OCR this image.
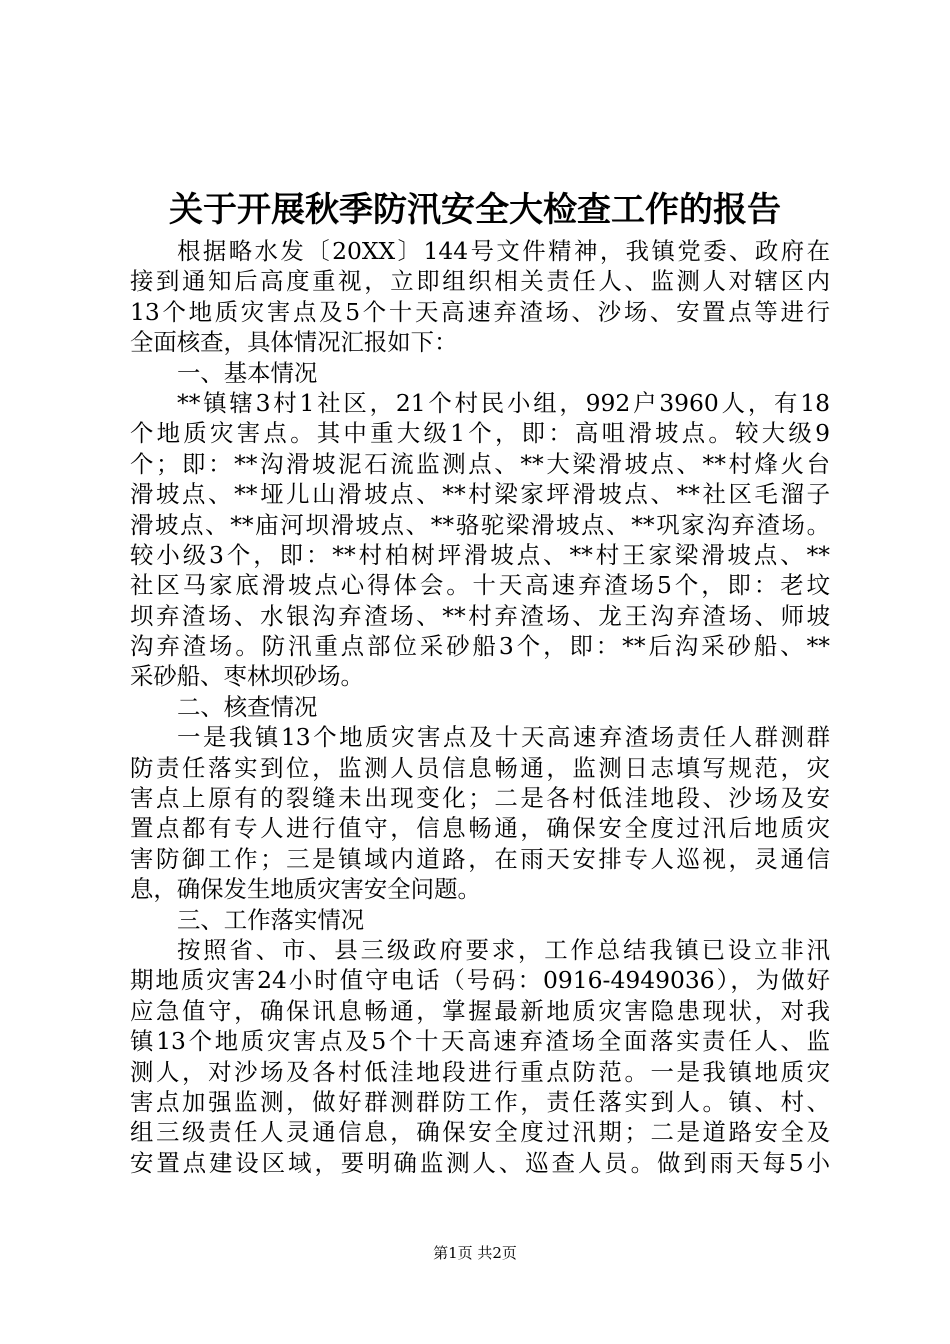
关于开展秋季防汛安全大检查工作的报告
根据略水发〔20XX〕144号文件精神，我镇党委、政府在
接到通知后高度重视，立即组织相关责任人、监测人对辖区内
13个地质灾害点及5个十天高速弃渣场、沙场、安置点等进行
全面核查，具体情况汇报如下：
一、基本情况
**镇辖3村1社区，21个村民小组，992户3960人，有18
个地质灾害点。其中重大级1个，即：高咀滑坡点。较大级9
个；即：**沟滑坡泥石流监测点、**大梁滑坡点、**村烽火台
滑坡点、**垭儿山滑坡点、**村梁家坪滑坡点、**社区毛溜子
滑坡点、**庙河坝滑坡点、**骆驼梁滑坡点、**巩家沟弃渣场。
较小级3个，即：**村柏树坪滑坡点、**村王家梁滑坡点、**
社区马家底滑坡点心得体会。十天高速弃渣场5个，即：老坟
坝弃渣场、水银沟弃渣场、**村弃渣场、龙王沟弃渣场、师坡
沟弃渣场。防汛重点部位采砂船3个，即：**后沟采砂船、**
采砂船、枣林坝砂场。
二、核查情况
一是我镇13个地质灾害点及十天高速弃渣场责任人群测群
防责任落实到位，监测人员信息畅通，监测日志填写规范，灾
害点上原有的裂缝未出现变化；二是各村低洼地段、沙场及安
置点都有专人进行值守，信息畅通，确保安全度过汛后地质灾
害防御工作；三是镇域内道路，在雨天安排专人巡视，灵通信
息，确保发生地质灾害安全问题。
三、工作落实情况
按照省、市、县三级政府要求，工作总结我镇已设立非汛
期地质灾害24小时值守电话（号码：0916-4949036），为做好
应急值守，确保讯息畅通，掌握最新地质灾害隐患现状，对我
镇13个地质灾害点及5个十天高速弃渣场全面落实责任人、监
测人，对沙场及各村低洼地段进行重点防范。一是我镇地质灾
害点加强监测，做好群测群防工作，责任落实到人。镇、村、
组三级责任人灵通信息，确保安全度过汛期；二是道路安全及
安置点建设区域，要明确监测人、巡查人员。做到雨天每5小
第1页 共2页
